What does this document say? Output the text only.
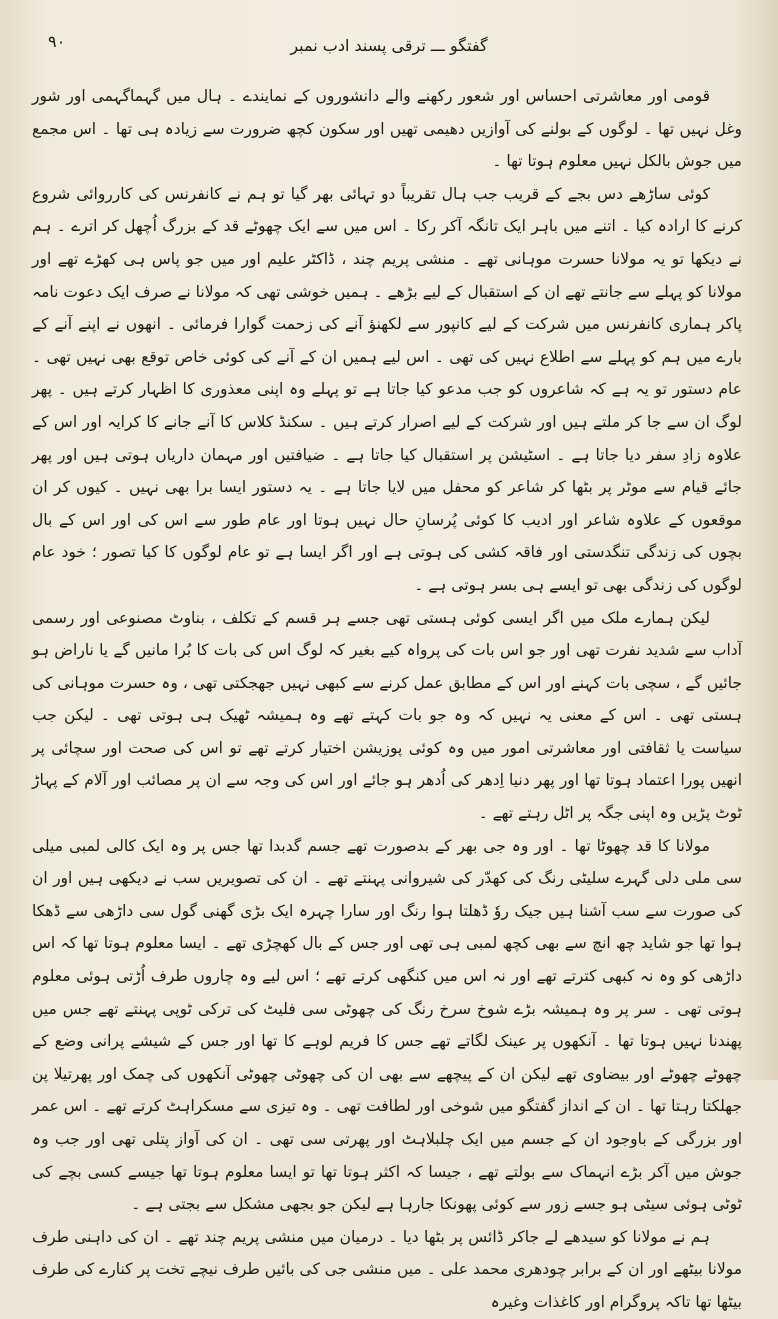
گفتگو ـــ ترقی پسند ادب نمبر
۹۰

قومی اور معاشرتی احساس اور شعور رکھنے والے دانشوروں کے نمایندے ۔ ہال میں گہماگہمی اور شور وغل نہیں تھا ۔ لوگوں کے بولنے کی آوازیں دھیمی تھیں اور سکون کچھ ضرورت سے زیادہ ہی تھا ۔ اس مجمع میں جوش بالکل نہیں معلوم ہوتا تھا ۔

کوئی ساڑھے دس بجے کے قریب جب ہال تقریباً دو تہائی بھر گیا تو ہم نے کانفرنس کی کارروائی شروع کرنے کا ارادہ کیا ۔ اتنے میں باہر ایک تانگہ آکر رکا ۔ اس میں سے ایک چھوٹے قد کے بزرگ اُچھل کر اترے ۔ ہم نے دیکھا تو یہ مولانا حسرت موہانی تھے ۔ منشی پریم چند ، ڈاکٹر علیم اور میں جو پاس ہی کھڑے تھے اور مولانا کو پہلے سے جانتے تھے ان کے استقبال کے لیے بڑھے ۔ ہمیں خوشی تھی کہ مولانا نے صرف ایک دعوت نامہ پاکر ہماری کانفرنس میں شرکت کے لیے کانپور سے لکھنؤ آنے کی زحمت گوارا فرمائی ۔ انھوں نے اپنے آنے کے بارے میں ہم کو پہلے سے اطلاع نہیں کی تھی ۔ اس لیے ہمیں ان کے آنے کی کوئی خاص توقع بھی نہیں تھی ۔ عام دستور تو یہ ہے کہ شاعروں کو جب مدعو کیا جاتا ہے تو پہلے وہ اپنی معذوری کا اظہار کرتے ہیں ۔ پھر لوگ ان سے جا کر ملتے ہیں اور شرکت کے لیے اصرار کرتے ہیں ۔ سکنڈ کلاس کا آنے جانے کا کرایہ اور اس کے علاوہ زادِ سفر دیا جاتا ہے ۔ اسٹیشن پر استقبال کیا جاتا ہے ۔ ضیافتیں اور مہمان داریاں ہوتی ہیں اور پھر جائے قیام سے موٹر پر بٹھا کر شاعر کو محفل میں لایا جاتا ہے ۔ یہ دستور ایسا برا بھی نہیں ۔ کیوں کر ان موقعوں کے علاوہ شاعر اور ادیب کا کوئی پُرسانِ حال نہیں ہوتا اور عام طور سے اس کی اور اس کے بال بچوں کی زندگی تنگدستی اور فاقہ کشی کی ہوتی ہے اور اگر ایسا ہے تو عام لوگوں کا کیا تصور ؛ خود عام لوگوں کی زندگی بھی تو ایسے ہی بسر ہوتی ہے ۔

لیکن ہمارے ملک میں اگر ایسی کوئی ہستی تھی جسے ہر قسم کے تکلف ، بناوٹ مصنوعی اور رسمی آداب سے شدید نفرت تھی اور جو اس بات کی پرواہ کیے بغیر کہ لوگ اس کی بات کا بُرا مانیں گے یا ناراض ہو جائیں گے ، سچی بات کہنے اور اس کے مطابق عمل کرنے سے کبھی نہیں جھجکتی تھی ، وہ حسرت موہانی کی ہستی تھی ۔ اس کے معنی یہ نہیں کہ وہ جو بات کہتے تھے وہ ہمیشہ ٹھیک ہی ہوتی تھی ۔ لیکن جب سیاست یا ثقافتی اور معاشرتی امور میں وہ کوئی پوزیشن اختیار کرتے تھے تو اس کی صحت اور سچائی پر انھیں پورا اعتماد ہوتا تھا اور پھر دنیا اِدھر کی اُدھر ہو جائے اور اس کی وجہ سے ان پر مصائب اور آلام کے پہاڑ ٹوٹ پڑیں وہ اپنی جگہ پر اٹل رہتے تھے ۔

مولانا کا قد چھوٹا تھا ۔ اور وہ جی بھر کے بدصورت تھے جسم گدبدا تھا جس پر وہ ایک کالی لمبی میلی سی ملی دلی گہرے سلیٹی رنگ کی کھدّر کی شیروانی پہنتے تھے ۔ ان کی تصویریں سب نے دیکھی ہیں اور ان کی صورت سے سب آشنا ہیں جیک روٗ ڈھلتا ہوا رنگ اور سارا چہرہ ایک بڑی گھنی گول سی داڑھی سے ڈھکا ہوا تھا جو شاید چھ انچ سے بھی کچھ لمبی ہی تھی اور جس کے بال کھچڑی تھے ۔ ایسا معلوم ہوتا تھا کہ اس داڑھی کو وہ نہ کبھی کترتے تھے اور نہ اس میں کنگھی کرتے تھے ؛ اس لیے وہ چاروں طرف اُڑتی ہوئی معلوم ہوتی تھی ۔ سر پر وہ ہمیشہ بڑے شوخ سرخ رنگ کی چھوٹی سی فلیٹ کی ترکی ٹوپی پہنتے تھے جس میں پھندنا نہیں ہوتا تھا ۔ آنکھوں پر عینک لگاتے تھے جس کا فریم لوہے کا تھا اور جس کے شیشے پرانی وضع کے چھوٹے چھوٹے اور بیضاوی تھے لیکن ان کے پیچھے سے بھی ان کی چھوٹی چھوٹی آنکھوں کی چمک اور پھرتیلا پن جھلکتا رہتا تھا ۔ ان کے انداز گفتگو میں شوخی اور لطافت تھی ۔ وہ تیزی سے مسکراہٹ کرتے تھے ۔ اس عمر اور بزرگی کے باوجود ان کے جسم میں ایک چلبلاہٹ اور پھرتی سی تھی ۔ ان کی آواز پتلی تھی اور جب وہ جوش میں آکر بڑے انہماک سے بولتے تھے ، جیسا کہ اکثر ہوتا تھا تو ایسا معلوم ہوتا تھا جیسے کسی بچے کی ٹوٹی ہوئی سیٹی ہو جسے زور سے کوئی پھونکا جارہا ہے لیکن جو بجھی مشکل سے بجتی ہے ۔

ہم نے مولانا کو سیدھے لے جاکر ڈائس پر بٹھا دیا ۔ درمیان میں منشی پریم چند تھے ۔ ان کی داہنی طرف مولانا بیٹھے اور ان کے برابر چودھری محمد علی ۔ میں منشی جی کی بائیں طرف نیچے تخت پر کنارے کی طرف بیٹھا تھا تاکہ پروگرام اور کاغذات وغیرہ
